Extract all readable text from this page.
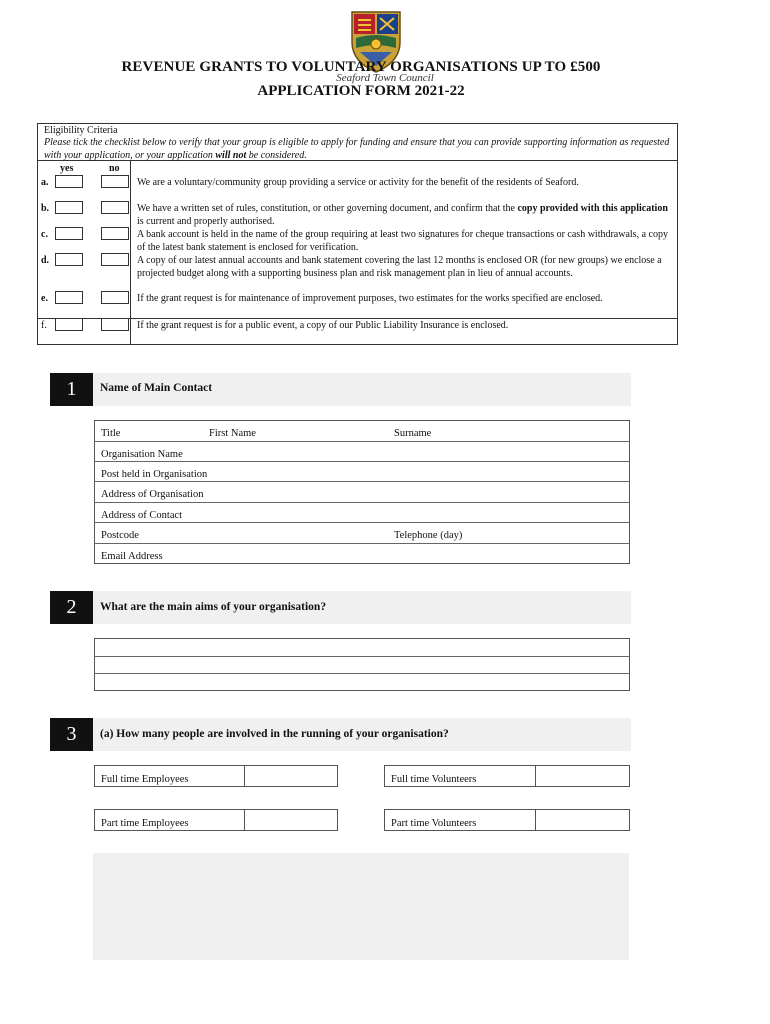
Seaford Town Council
REVENUE GRANTS TO VOLUNTARY ORGANISATIONS UP TO £500
APPLICATION FORM 2021-22
Eligibility Criteria
Please tick the checklist below to verify that your group is eligible to apply for funding and ensure that you can provide supporting information as requested with your application, or your application will not be considered.
yes	no
a.	We are a voluntary/community group providing a service or activity for the benefit of the residents of Seaford.
b.	We have a written set of rules, constitution, or other governing document, and confirm that the copy provided with this application is current and properly authorised.
c.	A bank account is held in the name of the group requiring at least two signatures for cheque transactions or cash withdrawals, a copy of the latest bank statement is enclosed for verification.
d.	A copy of our latest annual accounts and bank statement covering the last 12 months is enclosed OR (for new groups) we enclose a projected budget along with a supporting business plan and risk management plan in lieu of annual accounts.
e.	If the grant request is for maintenance of improvement purposes, two estimates for the works specified are enclosed.
f.	If the grant request is for a public event, a copy of our Public Liability Insurance is enclosed.
1	Name of Main Contact
Title	First Name	Surname
Organisation Name
Post held in Organisation
Address of Organisation
Address of Contact
Postcode	Telephone (day)
Email Address
2	What are the main aims of your organisation?
3	(a) How many people are involved in the running of your organisation?
Full time Employees	Full time Volunteers
Part time Employees	Part time Volunteers
